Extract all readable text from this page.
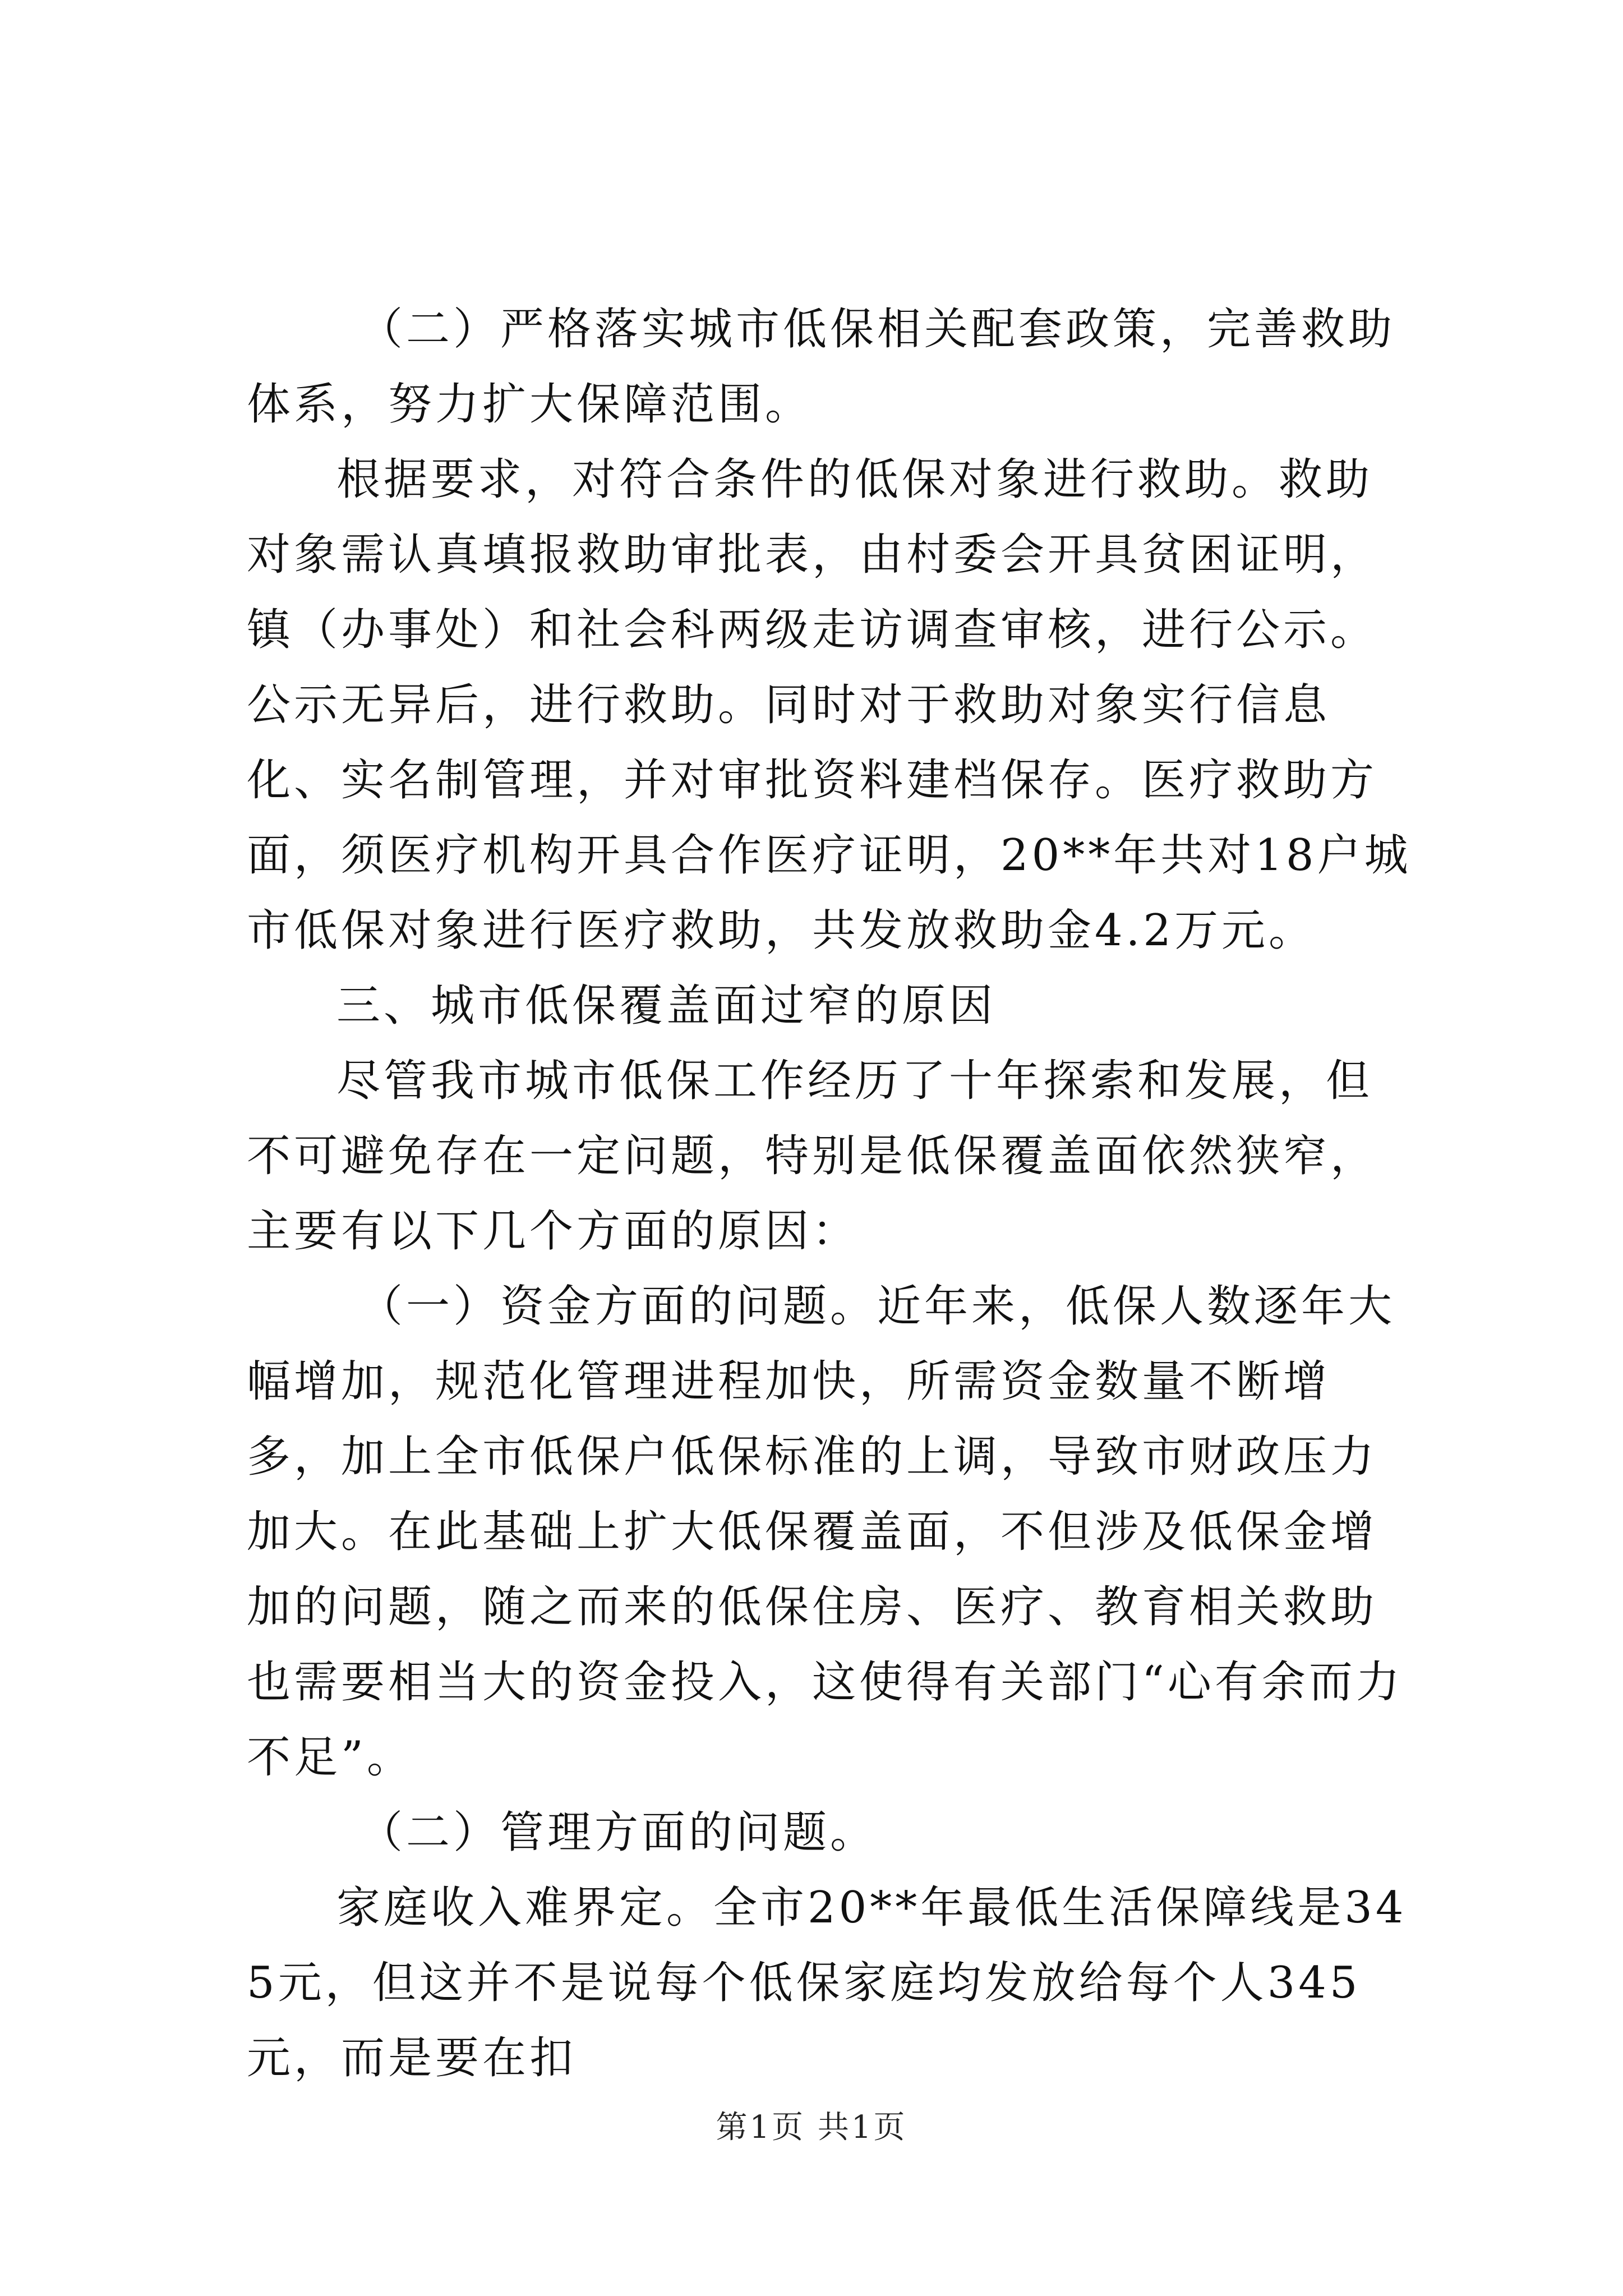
（二）严格落实城市低保相关配套政策，完善救助体系，努力扩大保障范围。

根据要求，对符合条件的低保对象进行救助。救助对象需认真填报救助审批表，由村委会开具贫困证明，镇（办事处）和社会科两级走访调查审核，进行公示。公示无异后，进行救助。同时对于救助对象实行信息化、实名制管理，并对审批资料建档保存。医疗救助方面，须医疗机构开具合作医疗证明，20**年共对18户城市低保对象进行医疗救助，共发放救助金4.2万元。

三、城市低保覆盖面过窄的原因

尽管我市城市低保工作经历了十年探索和发展，但不可避免存在一定问题，特别是低保覆盖面依然狭窄，主要有以下几个方面的原因：

（一）资金方面的问题。近年来，低保人数逐年大幅增加，规范化管理进程加快，所需资金数量不断增多，加上全市低保户低保标准的上调，导致市财政压力加大。在此基础上扩大低保覆盖面，不但涉及低保金增加的问题，随之而来的低保住房、医疗、教育相关救助也需要相当大的资金投入，这使得有关部门“心有余而力不足”。

（二）管理方面的问题。

家庭收入难界定。全市20**年最低生活保障线是345元，但这并不是说每个低保家庭均发放给每个人345元，而是要在扣

第1页 共1页
